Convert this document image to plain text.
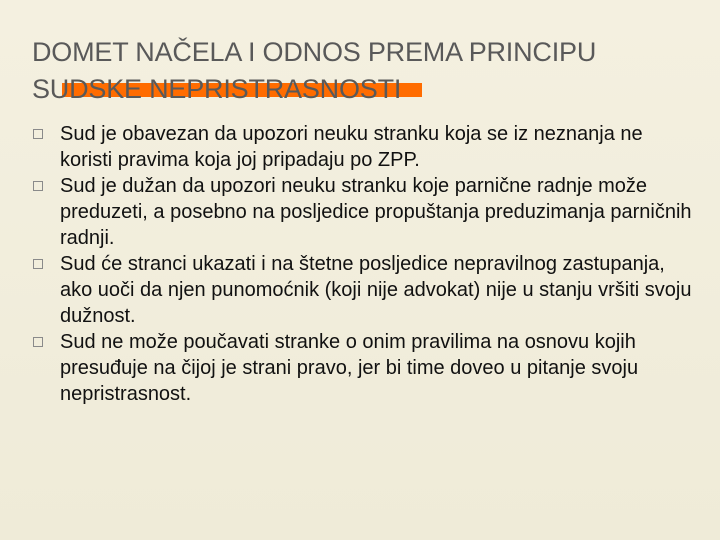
DOMET NAČELA I ODNOS PREMA PRINCIPU
SUDSKE NEPRISTRASNOSTI
Sud je obavezan da upozori neuku stranku koja se iz neznanja ne koristi pravima koja joj pripadaju po ZPP.
Sud je dužan da upozori neuku stranku koje parnične radnje može preduzeti, a posebno na posljedice propuštanja preduzimanja parničnih radnji.
Sud će stranci ukazati i na štetne posljedice nepravilnog zastupanja, ako uoči da njen punomoćnik (koji nije advokat) nije u stanju vršiti svoju dužnost.
Sud ne može poučavati stranke o onim pravilima na osnovu kojih presuđuje na čijoj je strani pravo, jer bi time doveo u pitanje svoju nepristrasnost.
